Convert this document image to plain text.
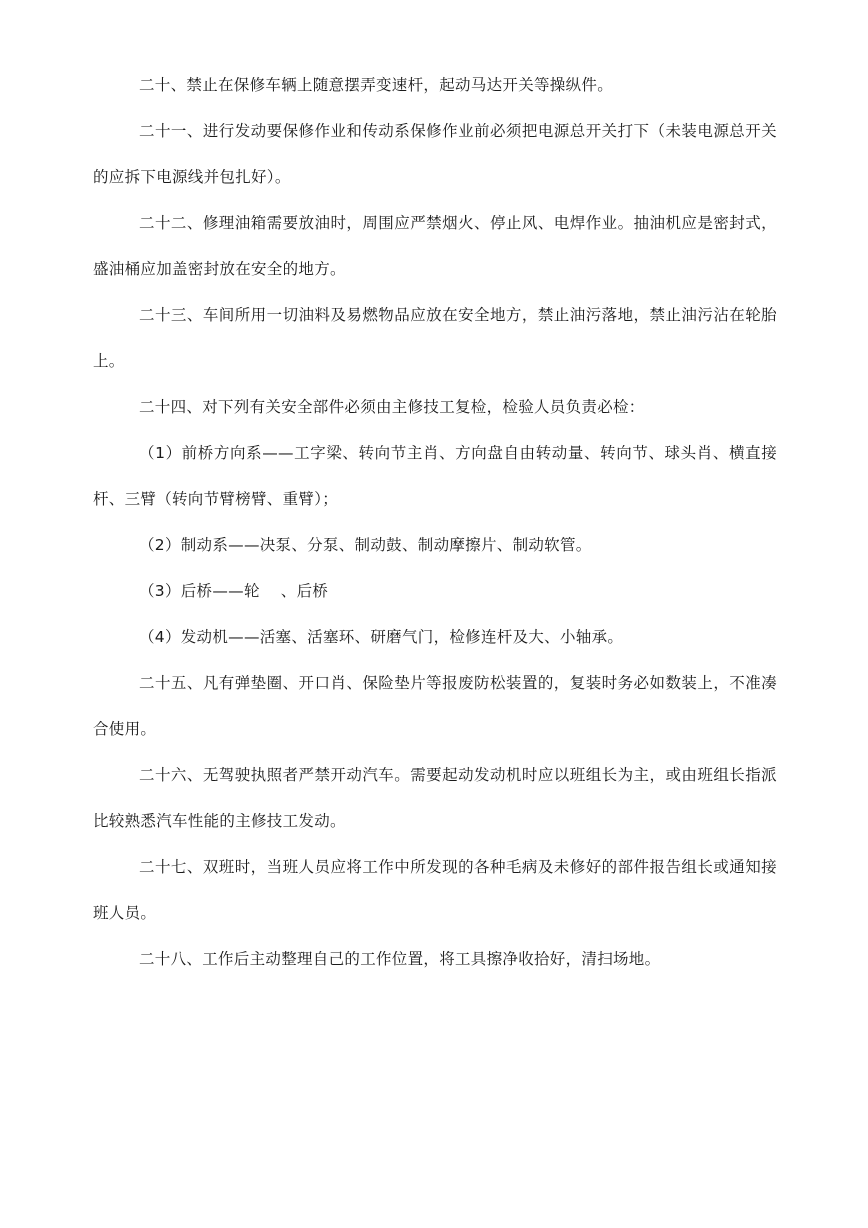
二十、禁止在保修车辆上随意摆弄变速杆，起动马达开关等操纵件。

二十一、进行发动要保修作业和传动系保修作业前必须把电源总开关打下（未装电源总开关的应拆下电源线并包扎好）。

二十二、修理油箱需要放油时，周围应严禁烟火、停止风、电焊作业。抽油机应是密封式，盛油桶应加盖密封放在安全的地方。

二十三、车间所用一切油料及易燃物品应放在安全地方，禁止油污落地，禁止油污沾在轮胎上。

二十四、对下列有关安全部件必须由主修技工复检，检验人员负责必检：

（1）前桥方向系——工字梁、转向节主肖、方向盘自由转动量、转向节、球头肖、横直接杆、三臂（转向节臂榜臂、重臂）；

（2）制动系——决泵、分泵、制动鼓、制动摩擦片、制动软管。

（3）后桥——轮　 、后桥

（4）发动机——活塞、活塞环、研磨气门，检修连杆及大、小轴承。

二十五、凡有弹垫圈、开口肖、保险垫片等报废防松装置的，复装时务必如数装上，不准凑合使用。

二十六、无驾驶执照者严禁开动汽车。需要起动发动机时应以班组长为主，或由班组长指派比较熟悉汽车性能的主修技工发动。

二十七、双班时，当班人员应将工作中所发现的各种毛病及未修好的部件报告组长或通知接班人员。

二十八、工作后主动整理自己的工作位置，将工具擦净收拾好，清扫场地。
